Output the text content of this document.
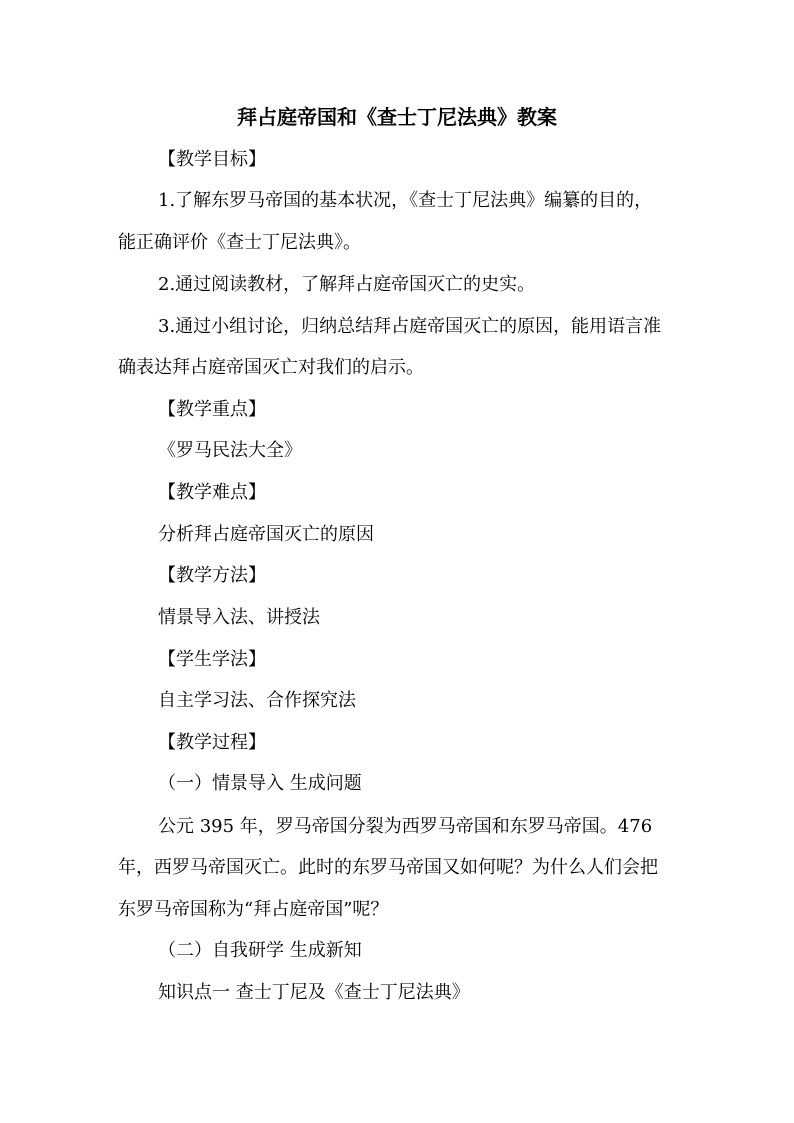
拜占庭帝国和《查士丁尼法典》教案
【教学目标】
1.了解东罗马帝国的基本状况，《查士丁尼法典》编纂的目的，
能正确评价《查士丁尼法典》。
2.通过阅读教材，了解拜占庭帝国灭亡的史实。
3.通过小组讨论，归纳总结拜占庭帝国灭亡的原因，能用语言准
确表达拜占庭帝国灭亡对我们的启示。
【教学重点】
《罗马民法大全》
【教学难点】
分析拜占庭帝国灭亡的原因
【教学方法】
情景导入法、讲授法
【学生学法】
自主学习法、合作探究法
【教学过程】
（一）情景导入 生成问题
公元 395 年，罗马帝国分裂为西罗马帝国和东罗马帝国。476
年，西罗马帝国灭亡。此时的东罗马帝国又如何呢？为什么人们会把
东罗马帝国称为“拜占庭帝国”呢？
（二）自我研学 生成新知
知识点一 查士丁尼及《查士丁尼法典》
